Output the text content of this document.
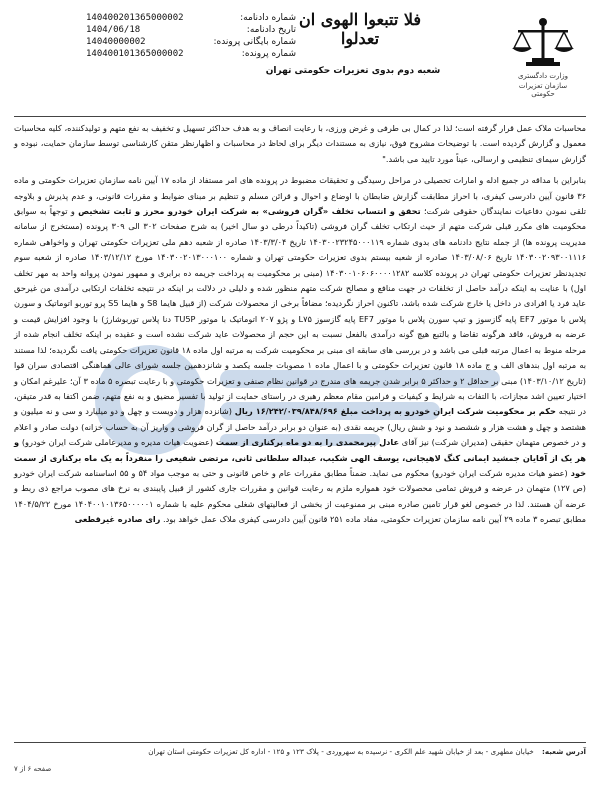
شماره دادنامه:
140400201365000002
تاریخ دادنامه:
1404/06/18
شماره بایگانی پرونده:
14040000002
شماره پرونده:
140400101365000002
فلا تتبعوا الهوی ان تعدلوا
شعبه دوم بدوی تعزیرات حکومتی تهران	وزارت دادگستری
سازمان تعزیرات حکومتی

محاسبات ملاک عمل قرار گرفته است؛ لذا در کمال بی طرفی و غرض ورزی، با رعایت انصاف و به هدف حداکثر تسهیل و تخفیف به نفع متهم و تولیدکننده، کلیه محاسبات معمول و گزارش گردیده است. با توضیحات مشروح فوق، نیازی به مستندات دیگر برای لحاظ در محاسبات و اظهارنظر متقن کارشناسی توسط سازمان حمایت، نبوده و گزارش سیمای تنظیمی و ارسالی، عیناً مورد تایید می باشد."

بنابراین با مداقه در جمیع ادله و امارات تحصیلی در مراحل رسیدگی و تحقیقات مضبوط در پرونده های امر مستفاد از ماده ۱۷ آیین نامه سازمان تعزیرات حکومتی و ماده ۳۶ قانون آیین دادرسی کیفری، با احراز مطابقت گزارش ضابطان با اوضاع و احوال و قرائن مسلم و تنظیم بر مبنای ضوابط و مقررات قانونی، و عدم پذیرش و بلاوجه تلقی نمودن دفاعیات نمایندگان حقوقی شرکت؛ تحقق و انتساب تخلف «گران فروشی» به شرکت ایران خودرو محرز و ثابت تشخیص و توجهاً به سوابق محکومیت های مکرر قبلی شرکت متهم از حیث ارتکاب تخلف گران فروشی (تاکیداً درطی دو سال اخیر) به شرح صفحات ۳۰۲ الی ۳۰۹ پرونده (مستخرج از سامانه مدیریت پرونده ها) از جمله نتایج دادنامه های بدوی شماره ۱۴۰۳۰۰۲۳۲۴۵۰۰۰۱۱۹ تاریخ ۱۴۰۳/۳/۰۴ صادره از شعبه دهم ملی تعزیرات حکومتی تهران و واخواهی شماره ۱۴۰۳۰۰۲۰۹۳۰۰۱۱۱۶ تاریخ ۱۴۰۳/۰۸/۰۶ صادره از شعبه بیستم بدوی تعزیرات حکومتی تهران و شماره ۱۴۰۳۰۰۲۰۱۳۰۰۰۱۰۰ مورخ ۱۴۰۳/۱۲/۱۲ صادره از شعبه سوم تجدیدنظر تعزیرات حکومتی تهران در پرونده کلاسه ۱۴۰۳۰۰۱۰۶۰۶۰۰۰۰۱۲۸۲ (مبنی بر محکومیت به پرداخت جریمه ده برابری و ممهور نمودن پروانه واحد به مهر تخلف اول) با عنایت به اینکه درآمد حاصل از تخلفات در جهت منافع و مصالح شرکت متهم منظور شده و دلیلی در دلالت بر اینکه در نتیجه تخلفات ارتکابی درآمدی من غیرحق عاید فرد یا افرادی در داخل یا خارج شرکت شده باشد، تاکنون احراز نگردیده؛ مضافاً برخی از محصولات شرکت (از قبیل هایما S8 و هایما S5 پرو توربو اتوماتیک و سورن پلاس با موتور EF7 پایه گازسوز و تیپ سورن پلاس با موتور EF7 پایه گازسوز L۷۵ و پژو ۲۰۷ اتوماتیک با موتور TU5P دنا پلاس توربوشارژ) با وجود افزایش قیمت و عرضه به فروش، فاقد هرگونه تقاضا و بالتبع هیچ گونه درآمدی بالفعل نسبت به این حجم از محصولات عاید شرکت نشده است و عقیده بر اینکه تخلف انجام شده از مرحله منوط به اعمال مرتبه قبلی می باشد و در بررسی های سابقه ای مبنی بر محکومیت شرکت به مرتبه اول ماده ۱۸ قانون تعزیرات حکومتی یافت نگردیده؛ لذا مستند به مرتبه اول بندهای الف و ج ماده ۱۸ قانون تعزیرات حکومتی و با اعمال ماده ۱ مصوبات جلسه یکصد و شانزدهمین جلسه شورای عالی هماهنگی اقتصادی سران قوا (تاریخ ۱۴۰۳/۱۰/۱۲) مبنی بر حداقل ۲ و حداکثر ۵ برابر شدن جریمه های مندرج در قوانین نظام صنفی و تعزیرات حکومتی و با رعایت تبصره ۵ ماده ۳ آن؛ علیرغم امکان و اختیار تعیین اشد مجازات، با التفات به شرایط و کیفیات و فرامین مقام معظم رهبری در راستای حمایت از تولید با تفسیر مضیق و به نفع متهم، ضمن اکتفا به قدر متیقن، در نتیجه حکم بر محکومیت شرکت ایران خودرو به پرداخت مبلغ ۱۶/۲۴۲/۰۳۹/۸۴۸/۶۹۶ ریال (شانزده هزار و دویست و چهل و دو میلیارد و سی و نه میلیون و هشتصد و چهل و هشت هزار و ششصد و نود و شش ریال) جریمه نقدی (به عنوان دو برابر درآمد حاصل از گران فروشی و واریز آن به حساب خزانه) دولت صادر و اعلام و در خصوص متهمان حقیقی (مدیران شرکت) نیز آقای عادل پیرمحمدی را به دو ماه برکناری از سمت (عضویت هیات مدیره و مدیرعاملی شرکت ایران خودرو) و هر یک از آقایان جمشید ایمانی کنگ لاهیجانی، یوسف الهی شکیب، عبداله سلطانی ثانی، مرتضی شفیعی را منفرداً به یک ماه برکناری از سمت خود (عضو هیات مدیره شرکت ایران خودرو) محکوم می نماید. ضمناً مطابق مقررات عام و خاص قانونی و حتی به موجب مواد ۵۴ و ۵۵ اساسنامه شرکت ایران خودرو (ص ۱۲۷) متهمان در عرضه و فروش تمامی محصولات خود همواره ملزم به رعایت قوانین و مقررات جاری کشور از قبیل پایبندی به نرخ های مصوب مراجع ذی ربط و عرضه آن هستند. لذا در خصوص لغو قرار تامین صادره مبنی بر ممنوعیت از بخشی از فعالیتهای شغلی محکوم علیه با شماره ۱۴۰۴۰۰۱۰۱۳۶۵۰۰۰۰۰۱ مورخ ۱۴۰۴/۵/۲۲ مطابق تبصره ۳ ماده ۲۹ آیین نامه سازمان تعزیرات حکومتی، مفاد ماده ۲۵۱ قانون آیین دادرسی کیفری ملاک عمل خواهد بود. رای صادره غیرقطعی

آدرس شعبه: خیابان مطهری - بعد از خیابان شهید علم الکری - نرسیده به سهروردی - پلاک ۱۲۳ و ۱۲۵ - اداره کل تعزیرات حکومتی استان تهران
صفحه ۶ از ۷
